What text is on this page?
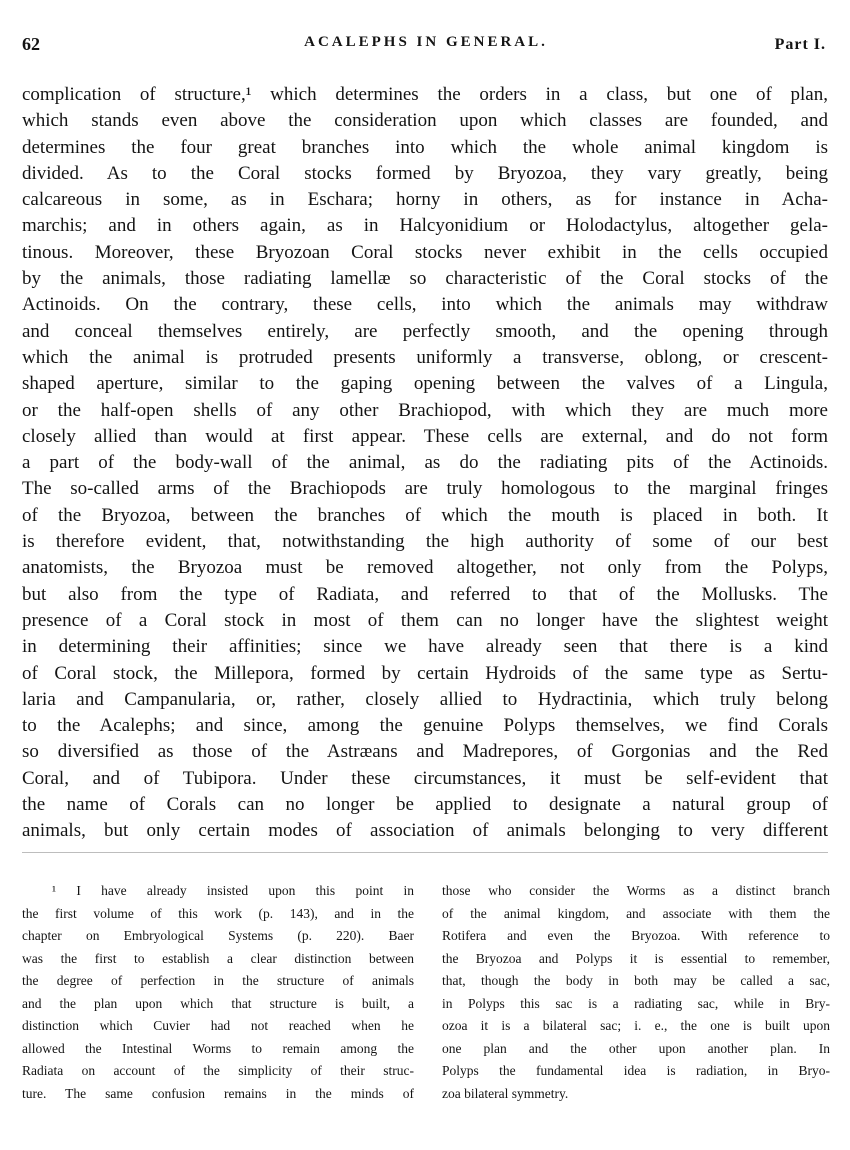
62	ACALEPHS IN GENERAL.	Part I.
complication of structure,¹ which determines the orders in a class, but one of plan,
which stands even above the consideration upon which classes are founded, and
determines the four great branches into which the whole animal kingdom is
divided. As to the Coral stocks formed by Bryozoa, they vary greatly, being
calcareous in some, as in Eschara; horny in others, as for instance in Acha-
marchis; and in others again, as in Halcyonidium or Holodactylus, altogether gela-
tinous. Moreover, these Bryozoan Coral stocks never exhibit in the cells occupied
by the animals, those radiating lamellæ so characteristic of the Coral stocks of the
Actinoids. On the contrary, these cells, into which the animals may withdraw
and conceal themselves entirely, are perfectly smooth, and the opening through
which the animal is protruded presents uniformly a transverse, oblong, or crescent-
shaped aperture, similar to the gaping opening between the valves of a Lingula,
or the half-open shells of any other Brachiopod, with which they are much more
closely allied than would at first appear. These cells are external, and do not form
a part of the body-wall of the animal, as do the radiating pits of the Actinoids.
The so-called arms of the Brachiopods are truly homologous to the marginal fringes
of the Bryozoa, between the branches of which the mouth is placed in both. It
is therefore evident, that, notwithstanding the high authority of some of our best
anatomists, the Bryozoa must be removed altogether, not only from the Polyps,
but also from the type of Radiata, and referred to that of the Mollusks. The
presence of a Coral stock in most of them can no longer have the slightest weight
in determining their affinities; since we have already seen that there is a kind
of Coral stock, the Millepora, formed by certain Hydroids of the same type as Sertu-
laria and Campanularia, or, rather, closely allied to Hydractinia, which truly belong
to the Acalephs; and since, among the genuine Polyps themselves, we find Corals
so diversified as those of the Astræans and Madrepores, of Gorgonias and the Red
Coral, and of Tubipora. Under these circumstances, it must be self-evident that
the name of Corals can no longer be applied to designate a natural group of
animals, but only certain modes of association of animals belonging to very different
¹ I have already insisted upon this point in
the first volume of this work (p. 143), and in the
chapter on Embryological Systems (p. 220). Baer
was the first to establish a clear distinction between
the degree of perfection in the structure of animals
and the plan upon which that structure is built, a
distinction which Cuvier had not reached when he
allowed the Intestinal Worms to remain among the
Radiata on account of the simplicity of their struc-
ture. The same confusion remains in the minds of
those who consider the Worms as a distinct branch
of the animal kingdom, and associate with them the
Rotifera and even the Bryozoa. With reference to
the Bryozoa and Polyps it is essential to remember,
that, though the body in both may be called a sac,
in Polyps this sac is a radiating sac, while in Bry-
ozoa it is a bilateral sac; i. e., the one is built upon
one plan and the other upon another plan. In
Polyps the fundamental idea is radiation, in Bryo-
zoa bilateral symmetry.
